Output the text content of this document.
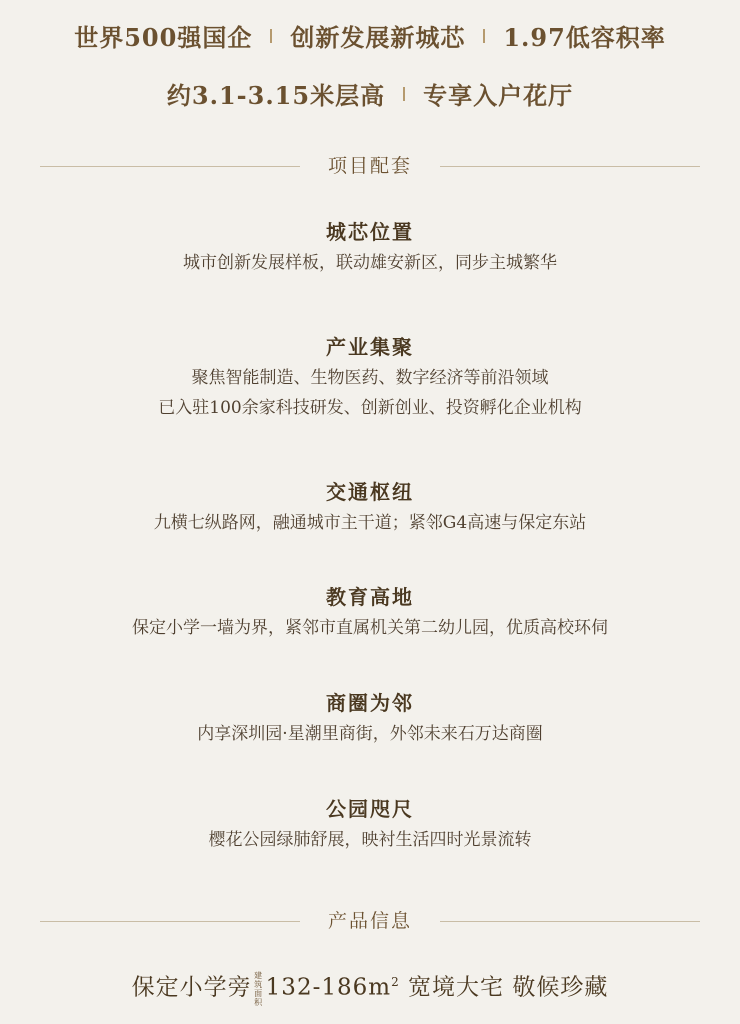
世界500强国企 创新发展新城芯 1.97低容积率
约3.1-3.15米层高 专享入户花厅
项目配套
城芯位置
城市创新发展样板，联动雄安新区，同步主城繁华
产业集聚
聚焦智能制造、生物医药、数字经济等前沿领域
已入驻100余家科技研发、创新创业、投资孵化企业机构
交通枢纽
九横七纵路网，融通城市主干道；紧邻G4高速与保定东站
教育高地
保定小学一墙为界，紧邻市直属机关第二幼儿园，优质高校环伺
商圈为邻
内享深圳园·星潮里商街，外邻未来石万达商圈
公园咫尺
樱花公园绿肺舒展，映衬生活四时光景流转
产品信息
保定小学旁 建筑面积$132-186m^2$ 宽境大宅 敬候珍藏
